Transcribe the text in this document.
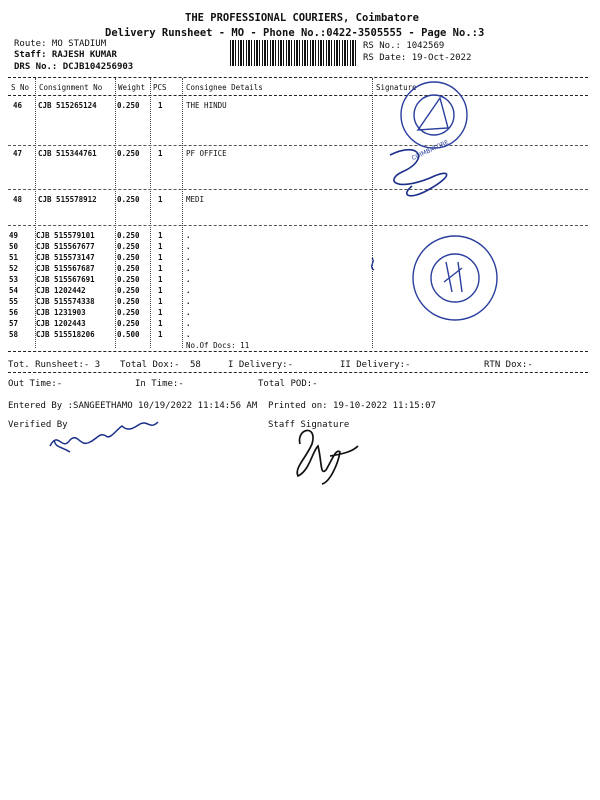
THE PROFESSIONAL COURIERS, Coimbatore
Delivery Runsheet - MO - Phone No.:0422-3505555 - Page No.:3
Route: MO STADIUM
Staff: RAJESH KUMAR
DRS No.: DCJB104256903
RS No.: 1042569
RS Date: 19-Oct-2022
S No Consignment No Weight PCS	Consignee Details	Signature
46 CJB 515265124	0.250 1	THE HINDU
47 CJB 515344761	0.250 1	PF OFFICE
48 CJB 515578912	0.250 1	MEDI
49 CJB 515579101	0.250 1	.
50 CJB 515567677	0.250 1	.
51 CJB 515573147	0.250 1	.
52 CJB 515567687	0.250 1	.
53 CJB 515567691	0.250 1	.
54 CJB 1202442	0.250 1	.
55 CJB 515574338	0.250 1	.
56 CJB 1231903	0.250 1	.
57 CJB 1202443	0.250 1	.
58 CJB 515518206	0.500 1	.
No.Of Docs: 11
Tot. Runsheet:- 3 Total Dox:- 58	I Delivery:-	II Delivery:-	RTN Dox:-
Out Time:-	In Time:-	Total POD:-
Entered By :SANGEETHAMO 10/19/2022 11:14:56 AM Printed on: 19-10-2022 11:15:07
Verified By	Staff Signature
COIMBATORE
